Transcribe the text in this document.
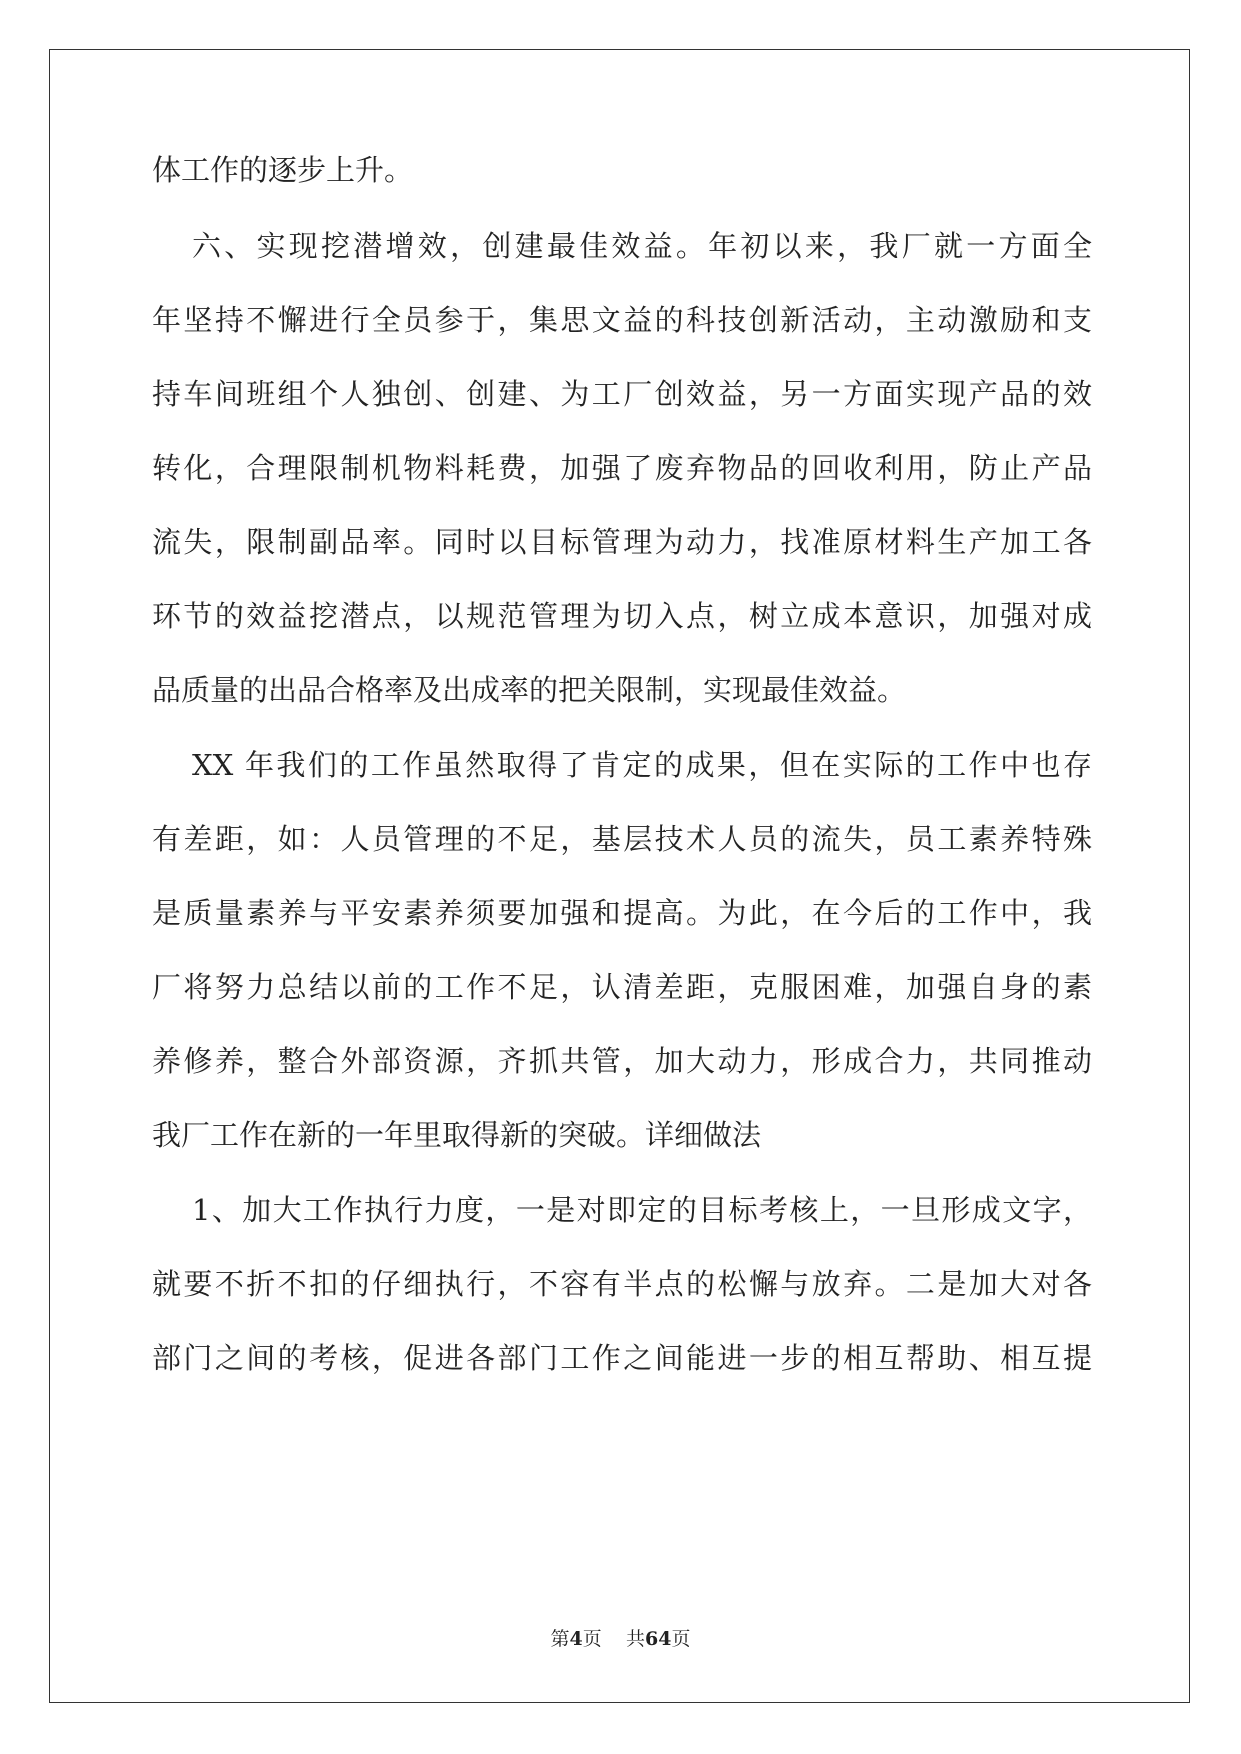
体工作的逐步上升。
六、实现挖潜增效，创建最佳效益。年初以来，我厂就一方面全
年坚持不懈进行全员参于，集思文益的科技创新活动，主动激励和支
持车间班组个人独创、创建、为工厂创效益，另一方面实现产品的效
转化，合理限制机物料耗费，加强了废弃物品的回收利用，防止产品
流失，限制副品率。同时以目标管理为动力，找准原材料生产加工各
环节的效益挖潜点，以规范管理为切入点，树立成本意识，加强对成
品质量的出品合格率及出成率的把关限制，实现最佳效益。
XX 年我们的工作虽然取得了肯定的成果，但在实际的工作中也存
有差距，如：人员管理的不足，基层技术人员的流失，员工素养特殊
是质量素养与平安素养须要加强和提高。为此，在今后的工作中，我
厂将努力总结以前的工作不足，认清差距，克服困难，加强自身的素
养修养，整合外部资源，齐抓共管，加大动力，形成合力，共同推动
我厂工作在新的一年里取得新的突破。详细做法
1、加大工作执行力度，一是对即定的目标考核上，一旦形成文字，
就要不折不扣的仔细执行，不容有半点的松懈与放弃。二是加大对各
部门之间的考核，促进各部门工作之间能进一步的相互帮助、相互提
第4页 共64页
